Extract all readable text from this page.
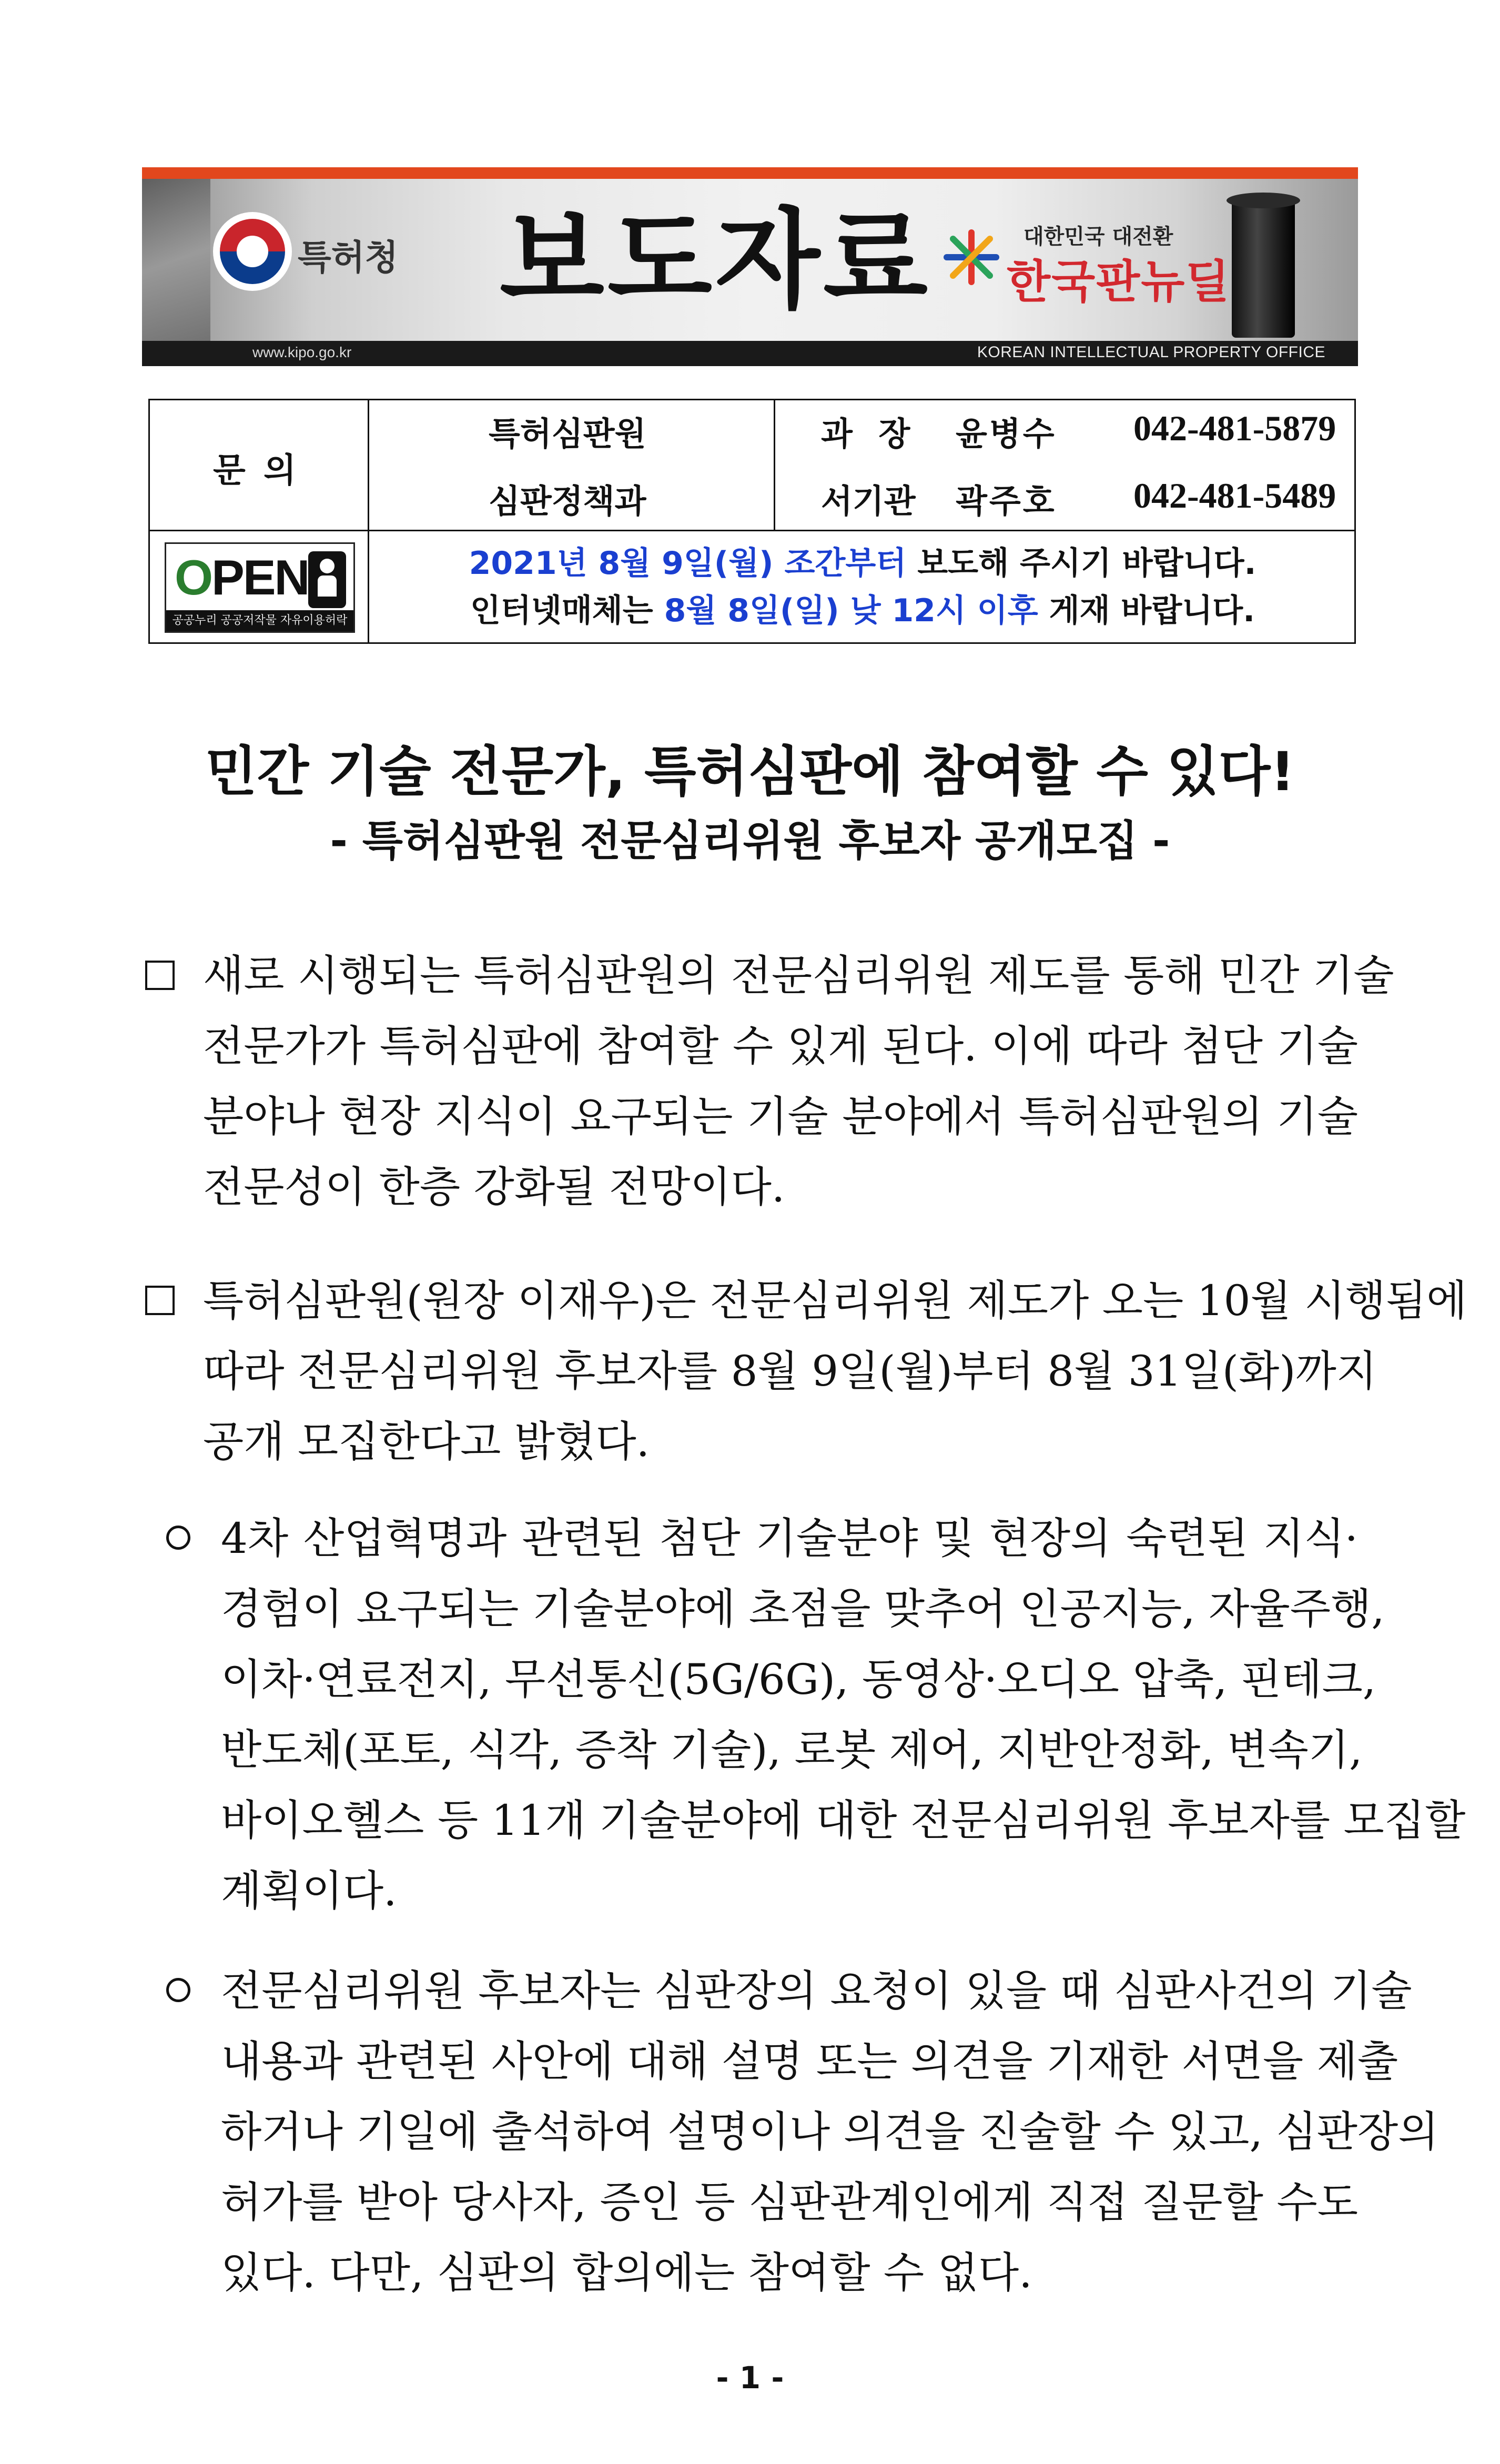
특허청 보도자료	대한민국 대전환
한국판뉴딜
www.kipo.go.kr	KOREAN INTELLECTUAL PROPERTY OFFICE
문 의
특허심판원
심판정책과
과 장 윤병수 042-481-5879
서기관 곽주호 042-481-5489
OPEN
공공누리 공공저작물 자유이용허락
2021년 8월 9일(월) 조간부터 보도해 주시기 바랍니다.
인터넷매체는 8월 8일(일) 낮 12시 이후 게재 바랍니다.
민간 기술 전문가, 특허심판에 참여할 수 있다!
- 특허심판원 전문심리위원 후보자 공개모집 -
새로 시행되는 특허심판원의 전문심리위원 제도를 통해 민간 기술
전문가가 특허심판에 참여할 수 있게 된다. 이에 따라 첨단 기술
분야나 현장 지식이 요구되는 기술 분야에서 특허심판원의 기술
전문성이 한층 강화될 전망이다.
특허심판원(원장 이재우)은 전문심리위원 제도가 오는 10월 시행됨에
따라 전문심리위원 후보자를 8월 9일(월)부터 8월 31일(화)까지
공개 모집한다고 밝혔다.
4차 산업혁명과 관련된 첨단 기술분야 및 현장의 숙련된 지식·
경험이 요구되는 기술분야에 초점을 맞추어 인공지능, 자율주행,
이차·연료전지, 무선통신(5G/6G), 동영상·오디오 압축, 핀테크,
반도체(포토, 식각, 증착 기술), 로봇 제어, 지반안정화, 변속기,
바이오헬스 등 11개 기술분야에 대한 전문심리위원 후보자를 모집할
계획이다.
전문심리위원 후보자는 심판장의 요청이 있을 때 심판사건의 기술
내용과 관련된 사안에 대해 설명 또는 의견을 기재한 서면을 제출
하거나 기일에 출석하여 설명이나 의견을 진술할 수 있고, 심판장의
허가를 받아 당사자, 증인 등 심판관계인에게 직접 질문할 수도
있다. 다만, 심판의 합의에는 참여할 수 없다.
- 1 -
